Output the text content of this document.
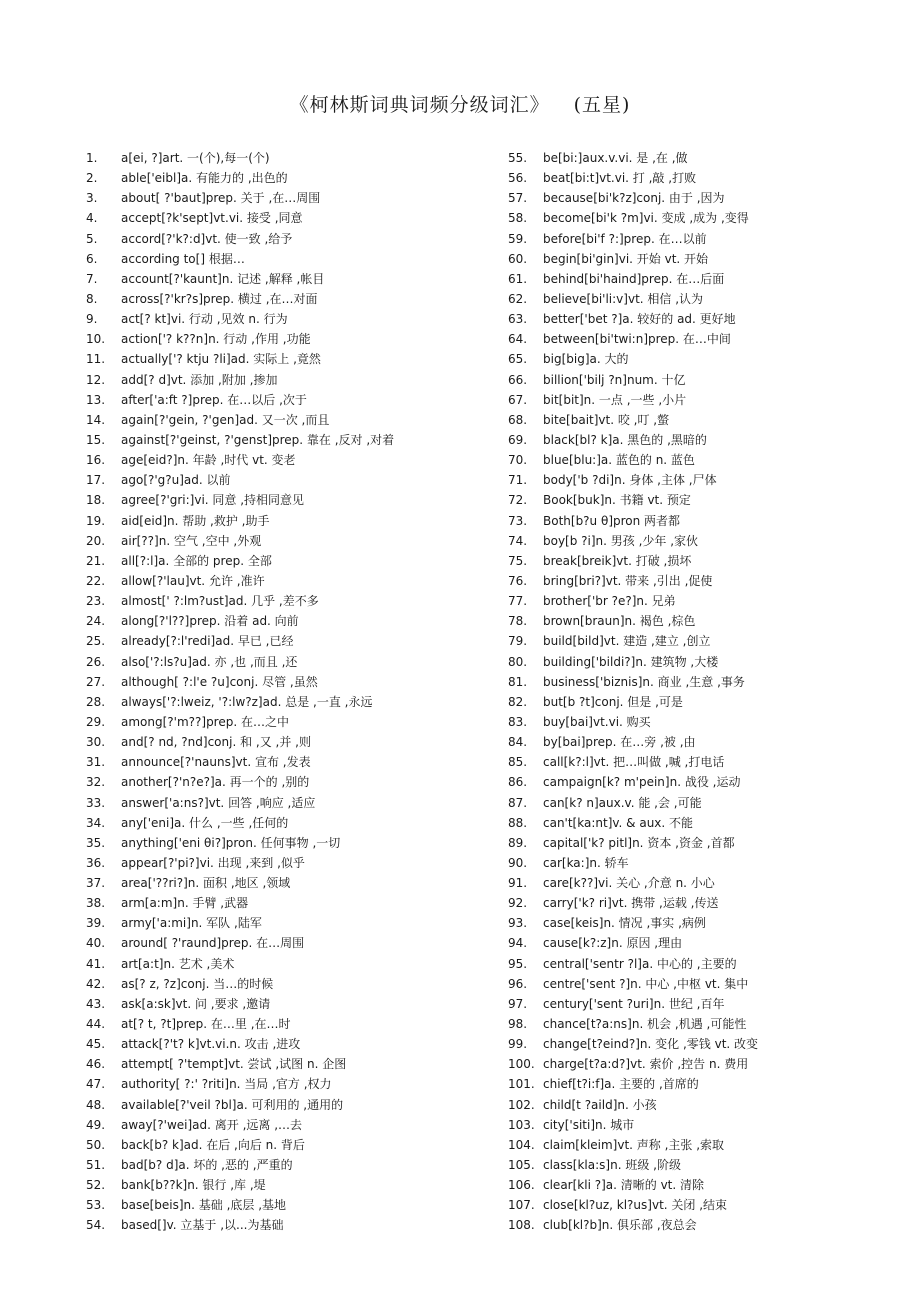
《柯林斯词典词频分级词汇》 (五星)
1. a[ei, ?]art. 一(个),每一(个)
2. able['eibl]a. 有能力的 ,出色的
3. about[ ?'baut]prep. 关于 ,在…周围
4. accept[?k'sept]vt.vi. 接受 ,同意
5. accord[?'k?:d]vt. 使一致 ,给予
6. according to[] 根据…
7. account[?'kaunt]n. 记述 ,解释 ,帐目
8. across[?'kr?s]prep. 横过 ,在…对面
9. act[? kt]vi. 行动 ,见效 n. 行为
10. action['? k??n]n. 行动 ,作用 ,功能
11. actually['? ktju ?li]ad. 实际上 ,竟然
12. add[? d]vt. 添加 ,附加 ,掺加
13. after['a:ft ?]prep. 在…以后 ,次于
14. again[?'gein, ?'gen]ad. 又一次 ,而且
15. against[?'geinst, ?'genst]prep. 靠在 ,反对 ,对着
16. age[eid?]n. 年龄 ,时代 vt. 变老
17. ago[?'g?u]ad. 以前
18. agree[?'gri:]vi. 同意 ,持相同意见
19. aid[eid]n. 帮助 ,救护 ,助手
20. air[??]n. 空气 ,空中 ,外观
21. all[?:l]a. 全部的 prep. 全部
22. allow[?'lau]vt. 允许 ,准许
23. almost[' ?:lm?ust]ad. 几乎 ,差不多
24. along[?'l??]prep. 沿着 ad. 向前
25. already[?:l'redi]ad. 早已 ,已经
26. also['?:ls?u]ad. 亦 ,也 ,而且 ,还
27. although[ ?:l'e ?u]conj. 尽管 ,虽然
28. always['?:lweiz, '?:lw?z]ad. 总是 ,一直 ,永远
29. among[?'m??]prep. 在…之中
30. and[? nd, ?nd]conj. 和 ,又 ,并 ,则
31. announce[?'nauns]vt. 宣布 ,发表
32. another[?'n?e?]a. 再一个的 ,别的
33. answer['a:ns?]vt. 回答 ,响应 ,适应
34. any['eni]a. 什么 ,一些 ,任何的
35. anything['eni θi?]pron. 任何事物 ,一切
36. appear[?'pi?]vi. 出现 ,来到 ,似乎
37. area['??ri?]n. 面积 ,地区 ,领域
38. arm[a:m]n. 手臂 ,武器
39. army['a:mi]n. 军队 ,陆军
40. around[ ?'raund]prep. 在…周围
41. art[a:t]n. 艺术 ,美术
42. as[? z, ?z]conj. 当…的时候
43. ask[a:sk]vt. 问 ,要求 ,邀请
44. at[? t, ?t]prep. 在…里 ,在…时
45. attack[?'t? k]vt.vi.n. 攻击 ,进攻
46. attempt[ ?'tempt]vt. 尝试 ,试图 n. 企图
47. authority[ ?:' ?riti]n. 当局 ,官方 ,权力
48. available[?'veil ?bl]a. 可利用的 ,通用的
49. away[?'wei]ad. 离开 ,远离 ,…去
50. back[b? k]ad. 在后 ,向后 n. 背后
51. bad[b? d]a. 坏的 ,恶的 ,严重的
52. bank[b??k]n. 银行 ,库 ,堤
53. base[beis]n. 基础 ,底层 ,基地
54. based[]v. 立基于 ,以...为基础
55. be[bi:]aux.v.vi. 是 ,在 ,做
56. beat[bi:t]vt.vi. 打 ,敲 ,打败
57. because[bi'k?z]conj. 由于 ,因为
58. become[bi'k ?m]vi. 变成 ,成为 ,变得
59. before[bi'f ?:]prep. 在…以前
60. begin[bi'gin]vi. 开始 vt. 开始
61. behind[bi'haind]prep. 在…后面
62. believe[bi'li:v]vt. 相信 ,认为
63. better['bet ?]a. 较好的 ad. 更好地
64. between[bi'twi:n]prep. 在…中间
65. big[big]a. 大的
66. billion['bilj ?n]num. 十亿
67. bit[bit]n. 一点 ,一些 ,小片
68. bite[bait]vt. 咬 ,叮 ,螫
69. black[bl? k]a. 黑色的 ,黑暗的
70. blue[blu:]a. 蓝色的 n. 蓝色
71. body['b ?di]n. 身体 ,主体 ,尸体
72. Book[buk]n. 书籍 vt. 预定
73. Both[b?u θ]pron 两者都
74. boy[b ?i]n. 男孩 ,少年 ,家伙
75. break[breik]vt. 打破 ,损坏
76. bring[bri?]vt. 带来 ,引出 ,促使
77. brother['br ?e?]n. 兄弟
78. brown[braun]n. 褐色 ,棕色
79. build[bild]vt. 建造 ,建立 ,创立
80. building['bildi?]n. 建筑物 ,大楼
81. business['biznis]n. 商业 ,生意 ,事务
82. but[b ?t]conj. 但是 ,可是
83. buy[bai]vt.vi. 购买
84. by[bai]prep. 在…旁 ,被 ,由
85. call[k?:l]vt. 把…叫做 ,喊 ,打电话
86. campaign[k? m'pein]n. 战役 ,运动
87. can[k? n]aux.v. 能 ,会 ,可能
88. can't[ka:nt]v. & aux. 不能
89. capital['k? pitl]n. 资本 ,资金 ,首都
90. car[ka:]n. 轿车
91. care[k??]vi. 关心 ,介意 n. 小心
92. carry['k? ri]vt. 携带 ,运载 ,传送
93. case[keis]n. 情况 ,事实 ,病例
94. cause[k?:z]n. 原因 ,理由
95. central['sentr ?l]a. 中心的 ,主要的
96. centre['sent ?]n. 中心 ,中枢 vt. 集中
97. century['sent ?uri]n. 世纪 ,百年
98. chance[t?a:ns]n. 机会 ,机遇 ,可能性
99. change[t?eind?]n. 变化 ,零钱 vt. 改变
100. charge[t?a:d?]vt. 索价 ,控告 n. 费用
101. chief[t?i:f]a. 主要的 ,首席的
102. child[t ?aild]n. 小孩
103. city['siti]n. 城市
104. claim[kleim]vt. 声称 ,主张 ,索取
105. class[kla:s]n. 班级 ,阶级
106. clear[kli ?]a. 清晰的 vt. 清除
107. close[kl?uz, kl?us]vt. 关闭 ,结束
108. club[kl?b]n. 俱乐部 ,夜总会
